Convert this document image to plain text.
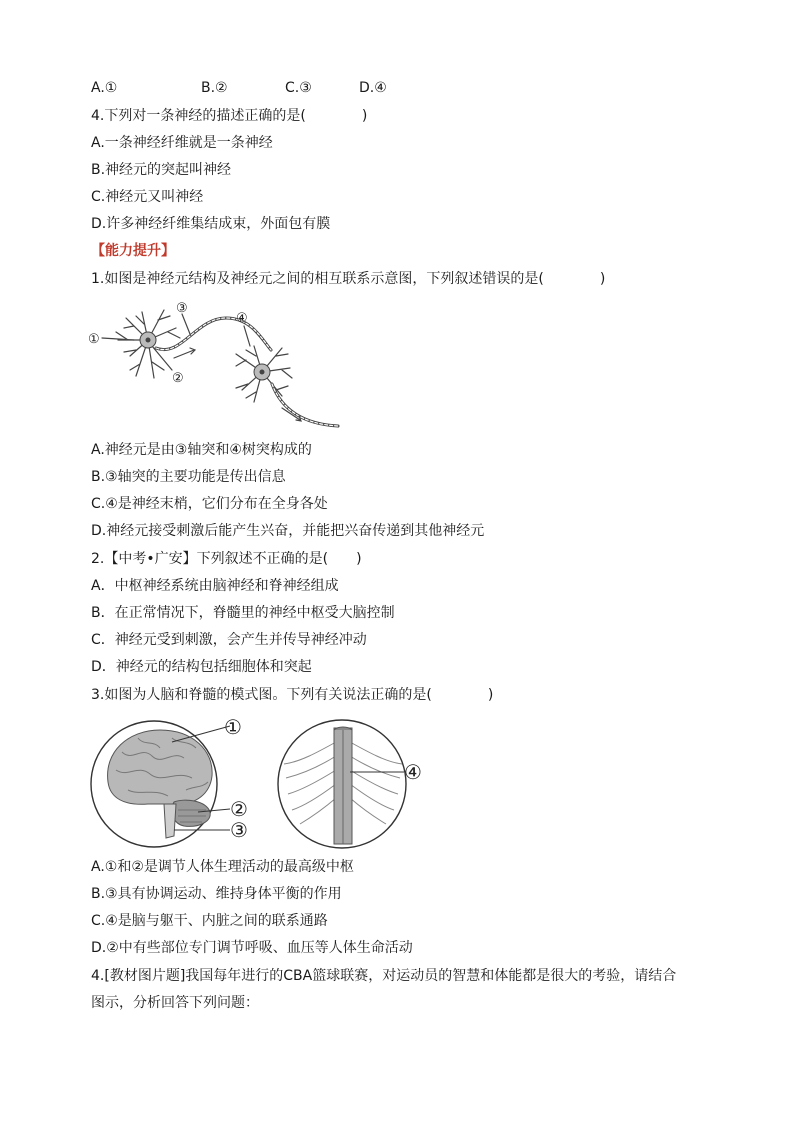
A.①	B.②	C.③	D.④
4.下列对一条神经的描述正确的是(　　　　)
A.一条神经纤维就是一条神经
B.神经元的突起叫神经
C.神经元又叫神经
D.许多神经纤维集结成束，外面包有膜
【能力提升】
1.如图是神经元结构及神经元之间的相互联系示意图，下列叙述错误的是(　　　　)
①
②
③
④
A.神经元是由③轴突和④树突构成的
B.③轴突的主要功能是传出信息
C.④是神经末梢，它们分布在全身各处
D.神经元接受刺激后能产生兴奋，并能把兴奋传递到其他神经元
2.【中考•广安】下列叙述不正确的是(　　)
A．中枢神经系统由脑神经和脊神经组成
B．在正常情况下，脊髓里的神经中枢受大脑控制
C．神经元受到刺激，会产生并传导神经冲动
D．神经元的结构包括细胞体和突起
3.如图为人脑和脊髓的模式图。下列有关说法正确的是(　　　　)
①
②
③
④
A.①和②是调节人体生理活动的最高级中枢
B.③具有协调运动、维持身体平衡的作用
C.④是脑与躯干、内脏之间的联系通路
D.②中有些部位专门调节呼吸、血压等人体生命活动
4.[教材图片题]我国每年进行的CBA篮球联赛，对运动员的智慧和体能都是很大的考验，请结合
图示，分析回答下列问题：
